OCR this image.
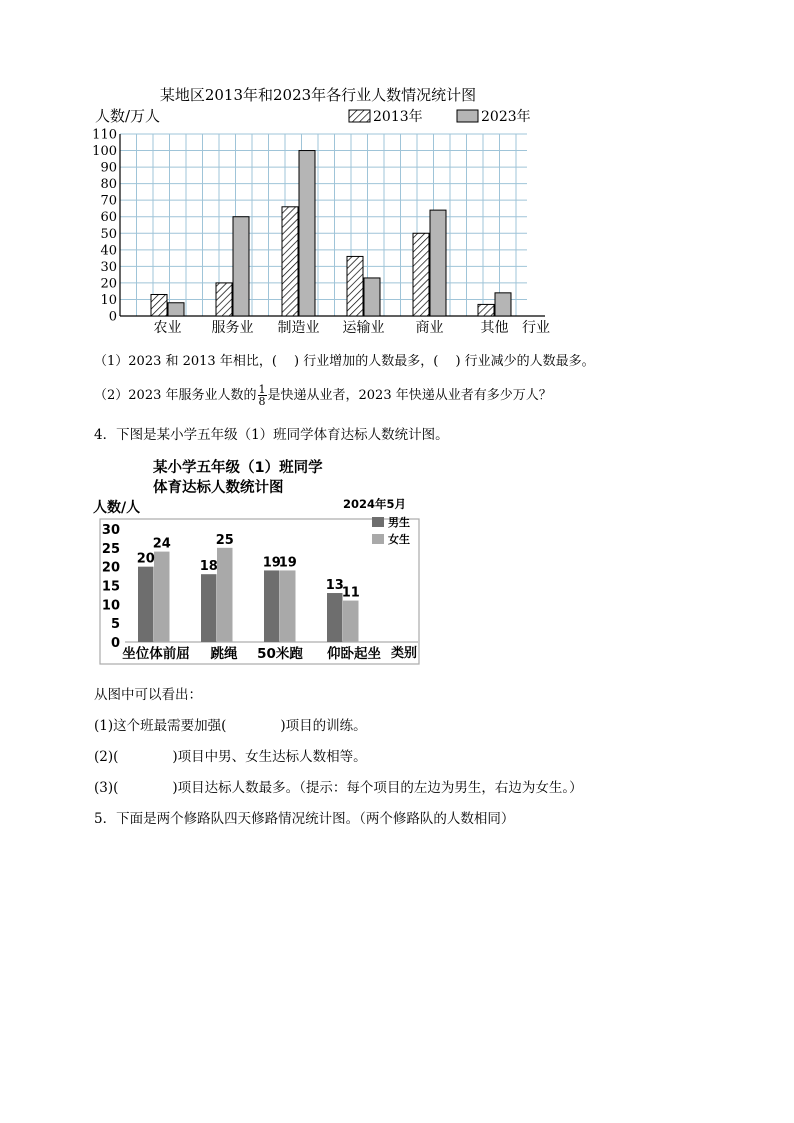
0
10
20
30
40
50
60
70
80
90
100
110
农业 服务业 制造业 运输业 商业	其他
某地区2013年和2023年各行业人数情况统计图
人数/万人
行业
2013年	2023年
（1）2023 和 2013 年相比，(　 ) 行业增加的人数最多，(　 ) 行业减少的人数最多。
（2）2023 年服务业人数的 $\frac{1}{8}$ 是快递从业者，2023 年快递从业者有多少万人？
4．下图是某小学五年级（1）班同学体育达标人数统计图。
0
5
10
15
20
25
30
20
24
18
25
19
19
13
11
坐位体前屈 跳绳 50米跑 仰卧起坐 类别
某小学五年级（1）班同学
体育达标人数统计图
人数/人	2024年5月
男生
女生
从图中可以看出：
(1)这个班最需要加强(　　　　)项目的训练。
(2)(　　　　)项目中男、女生达标人数相等。
(3)(　　　　)项目达标人数最多。（提示：每个项目的左边为男生，右边为女生。）
5．下面是两个修路队四天修路情况统计图。（两个修路队的人数相同）
